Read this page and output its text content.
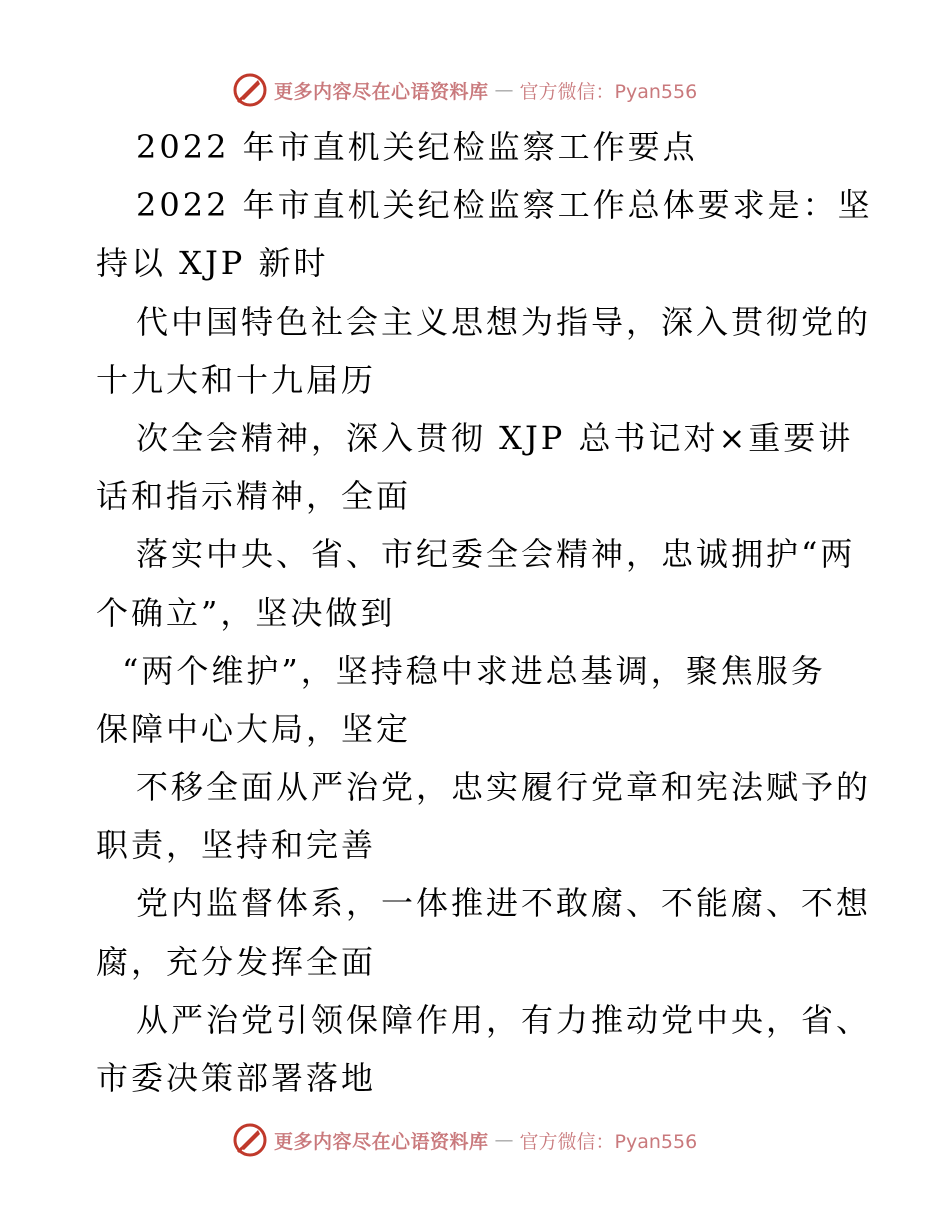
更多内容尽在心语资料库 — 官方微信：Pyan556
2022 年市直机关纪检监察工作要点
2022 年市直机关纪检监察工作总体要求是：坚
持以 XJP 新时
代中国特色社会主义思想为指导，深入贯彻党的
十九大和十九届历
次全会精神，深入贯彻 XJP 总书记对×重要讲
话和指示精神，全面
落实中央、省、市纪委全会精神，忠诚拥护“两
个确立”，坚决做到
“两个维护”，坚持稳中求进总基调，聚焦服务
保障中心大局，坚定
不移全面从严治党，忠实履行党章和宪法赋予的
职责，坚持和完善
党内监督体系，一体推进不敢腐、不能腐、不想
腐，充分发挥全面
从严治党引领保障作用，有力推动党中央，省、
市委决策部署落地
更多内容尽在心语资料库 — 官方微信：Pyan556
